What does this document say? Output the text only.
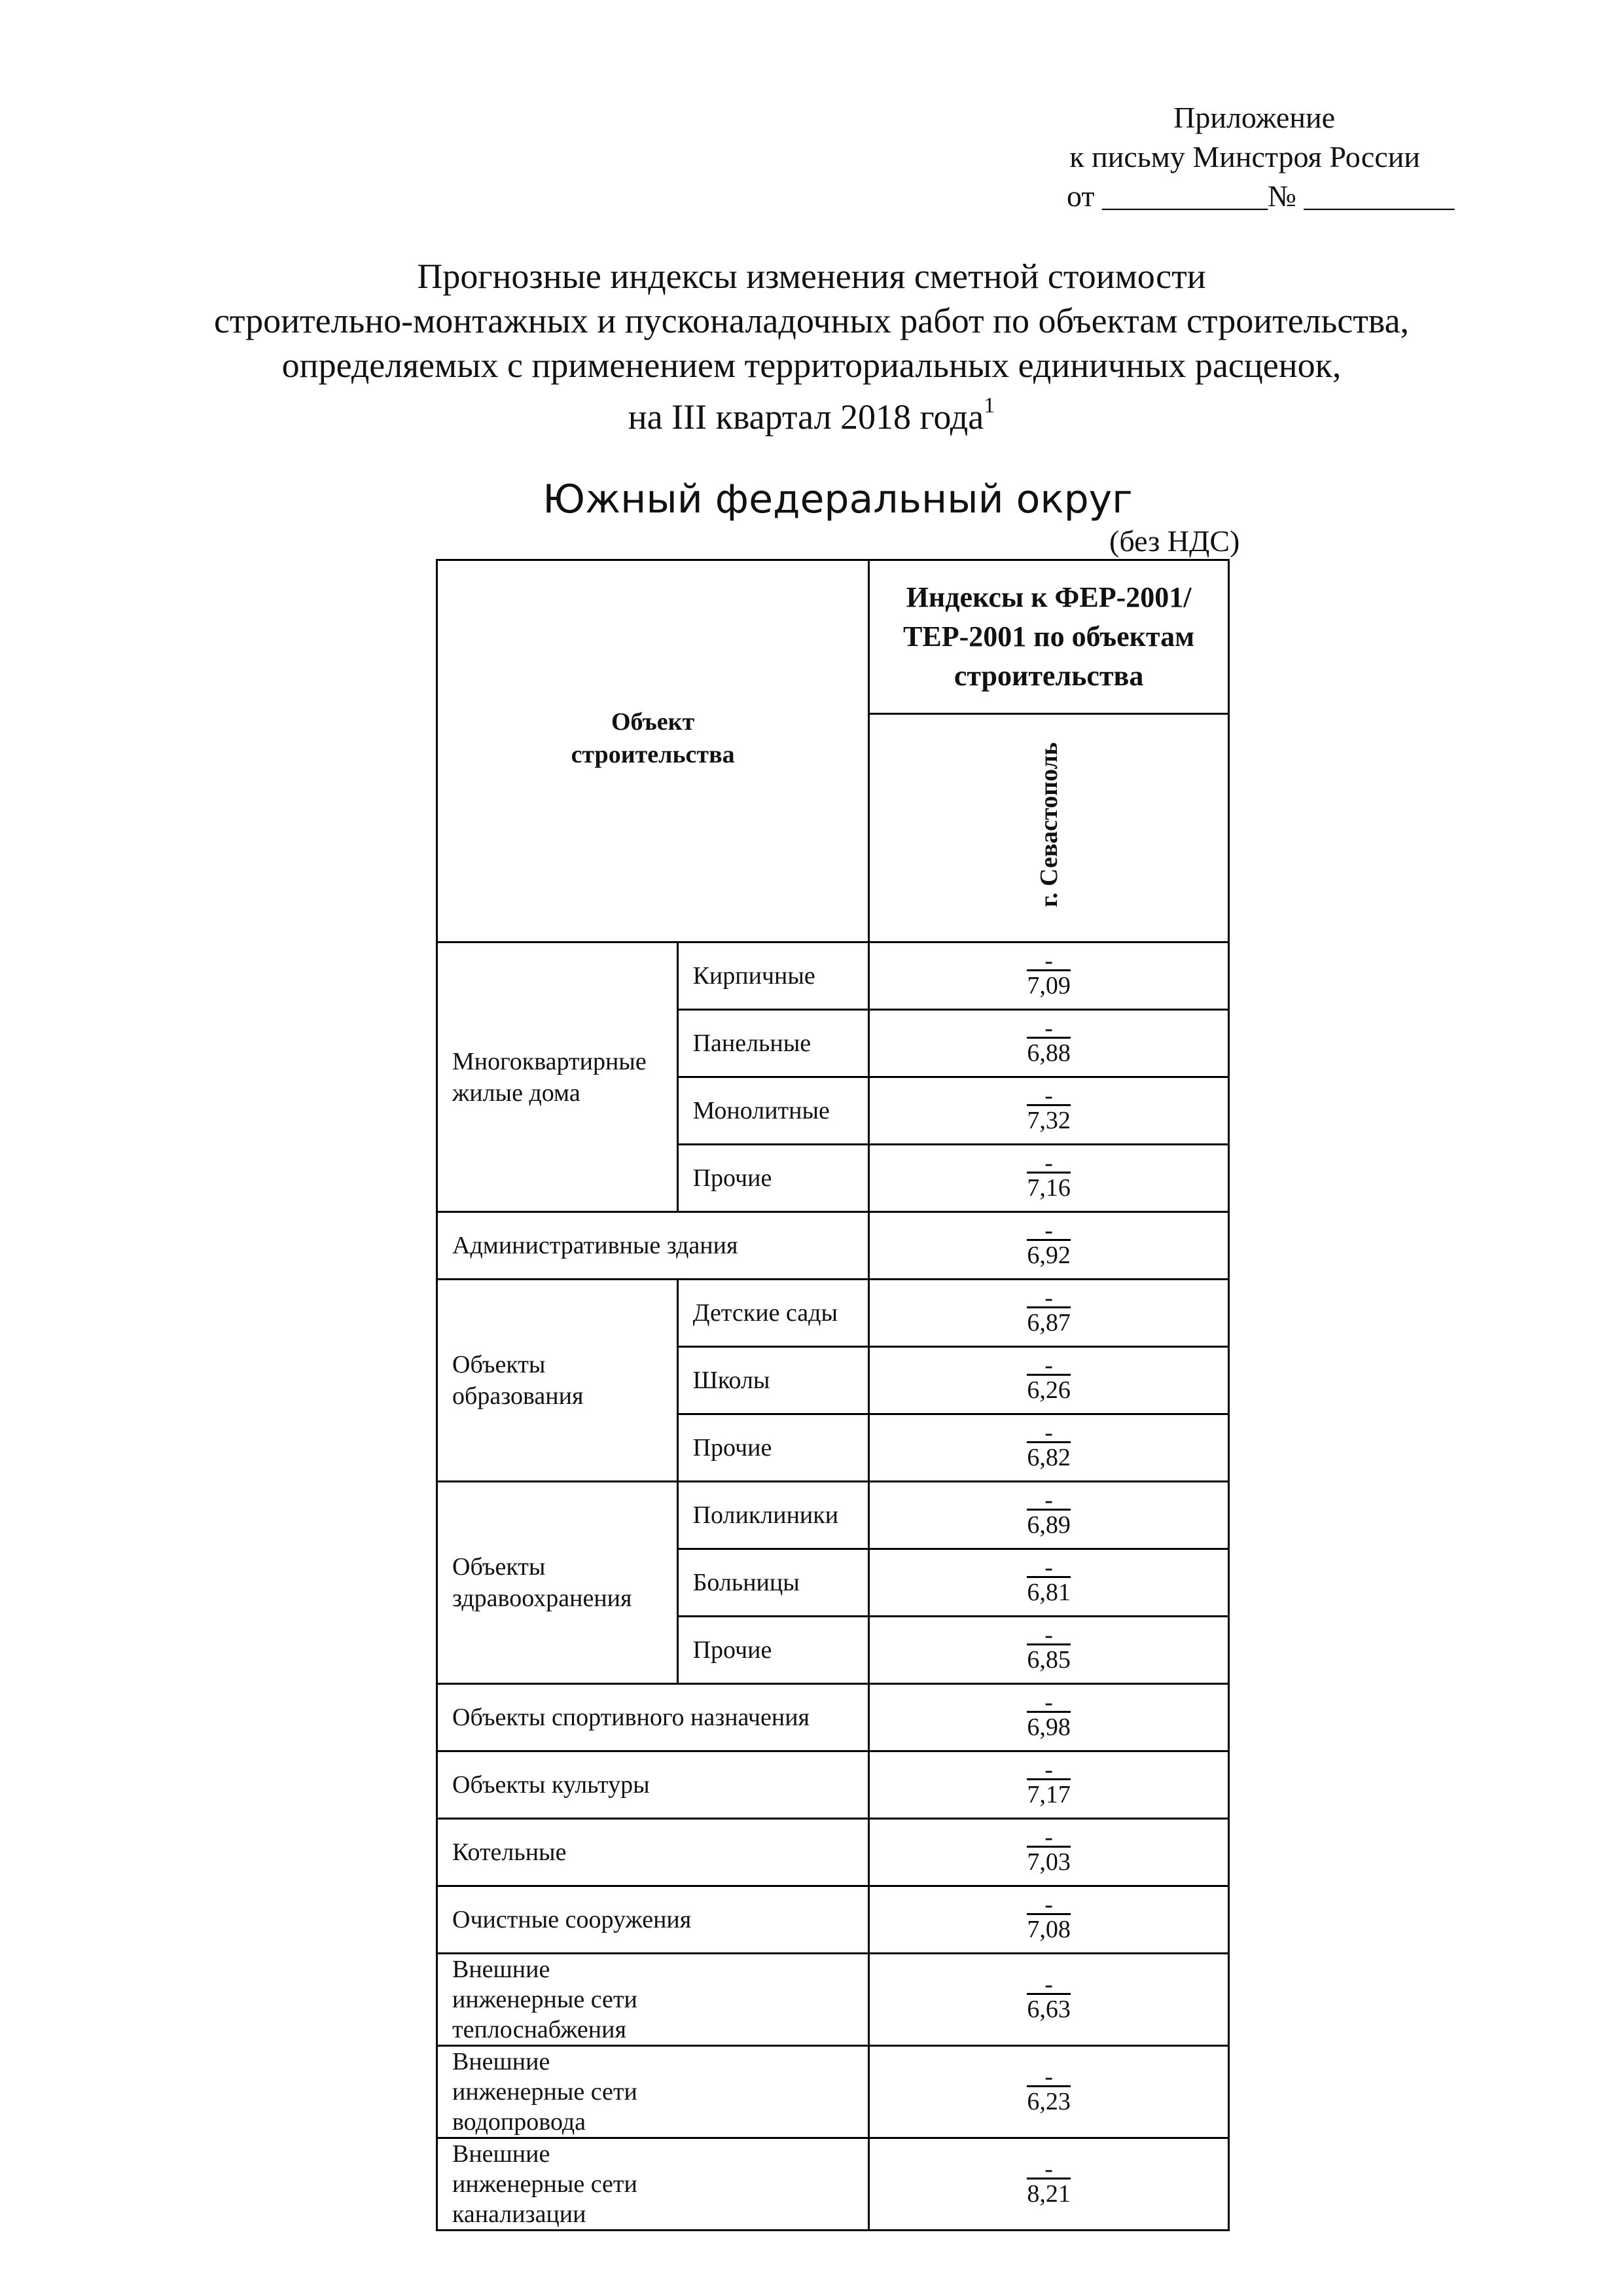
Приложение
к письму Минстроя России
от ___________№ __________
Прогнозные индексы изменения сметной стоимости
строительно-монтажных и пусконаладочных работ по объектам строительства,
определяемых с применением территориальных единичных расценок,
на III квартал 2018 года$^1$
Южный федеральный округ
(без НДС)
Объект строительства		Индексы к ФЕР-2001/ТЕР-2001 по объектам строительства
		г. Севастополь
Многоквартирные жилые дома	Кирпичные	$\frac{-}{7,09}$

	Панельные	$\frac{-}{6,88}$

	Монолитные	$\frac{-}{7,32}$

	Прочие	$\frac{-}{7,16}$

Административные здания		$\frac{-}{6,92}$

Объекты образования	Детские сады	$\frac{-}{6,87}$

	Школы	$\frac{-}{6,26}$

	Прочие	$\frac{-}{6,82}$

Объекты здравоохранения	Поликлиники	$\frac{-}{6,89}$

	Больницы	$\frac{-}{6,81}$

	Прочие	$\frac{-}{6,85}$

Объекты спортивного назначения		$\frac{-}{6,98}$

Объекты культуры		$\frac{-}{7,17}$

Котельные		$\frac{-}{7,03}$

Очистные сооружения		$\frac{-}{7,08}$

Внешние инженерные сети теплоснабжения		$\frac{-}{6,63}$

Внешние инженерные сети водопровода		$\frac{-}{6,23}$

Внешние инженерные сети канализации		$\frac{-}{8,21}$
